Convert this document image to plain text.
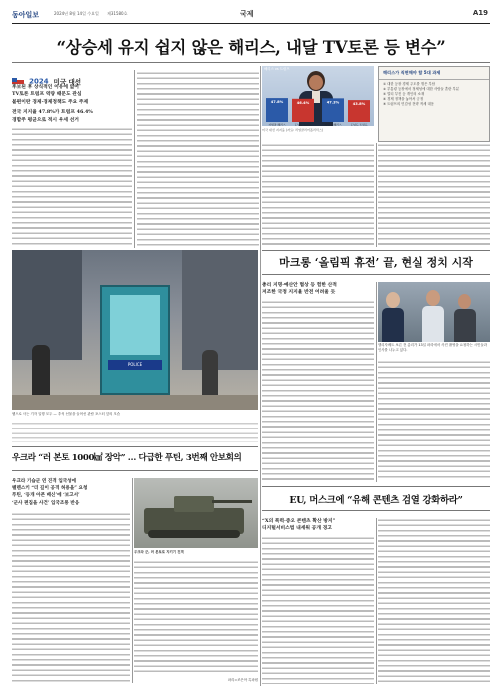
동아일보	2024년 8월 14일 수요일 제31580호	국제	A19
“상승세 유지 쉽지 않은 해리스, 내달 TV토론 등 변수”
2024 미국 대선
후보된 후 상식적인 이유에 없어
TV토론 트럼프 역량 때문도 관심
불편이란 경제·경제정책도 주요 주제
전국 지지율 47.8%가 트럼프 46.4%
경합주 평균으로 적시 우세 선거
해리스 vs 트럼프
47.8%
카멀라 해리스
46.4%
도널드 트럼프
47.3%
카멀라 해리스
43.8%
도널드 트럼프
미국 대선 지지율 (자료: 리얼클리어폴리틱스)
해리스가 직면해야 할 5대 과제
① 대한 등장 경제 주도를 꺾은 부담
② 부통령 등장에서 정체성에 대한 사람들 혼란 부분
③ 멀티 부진 등 개인의 소재
④ 경제 정책을 놓아서 긍정
⑤ 트럼프의 민감성 전략 적세 대응
마크롱 ‘올림픽 휴전’ 끝, 현실 정치 시작
총리 지명·예산안 협상 등 험한 산적
저조한 국정 지지율 반전 어려울 듯
엘리자베트 보른 전 총리가 13일 파리에서 사진 촬영을 요청하는 시민들과 인사를 나누고 있다.
POLICE
웹으로 사는 기자 일행 모두 — 추석 선물을 들어선 관람 포스터 앞의 모습
우크라 “러 본토 1000㎢ 장악” … 다급한 푸틴, 3번째 안보회의
우크라 기습군 연 진격 입국성에
벨렌스키 “더 깊이 공격 허용을” 요청
푸틴, ‘등개 아픈 배신’에 ‘보고서’
‘군사 편집을 사건’ 입국조통 반응
우크라 군, 러 본토로 지키기 진격
파리=조은아 특파원
EU, 머스크에 “유해 콘텐츠 검열 강화하라”
“X의 폭력·증오 콘텐츠 확산 방지”
디지털서비스법 내세워 공개 경고
